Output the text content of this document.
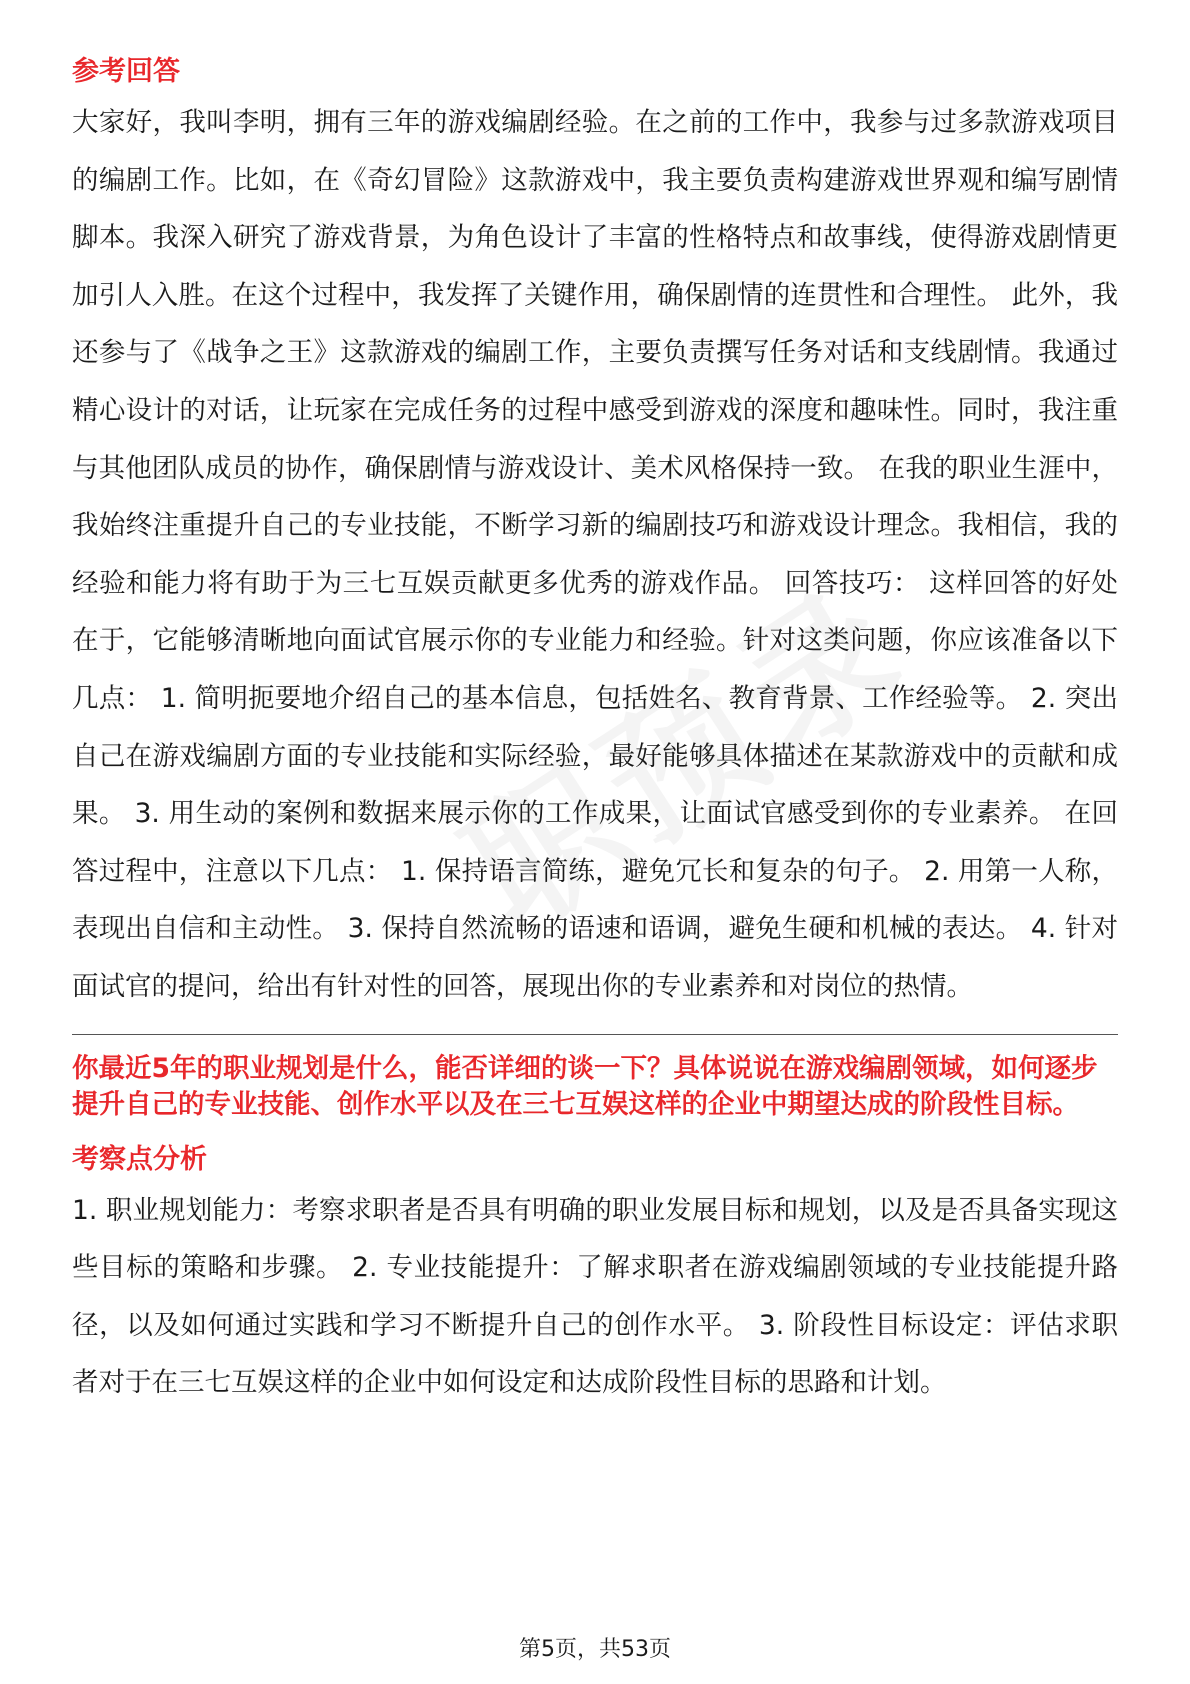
参考回答

大家好，我叫李明，拥有三年的游戏编剧经验。在之前的工作中，我参与过多款游戏项目的编剧工作。比如，在《奇幻冒险》这款游戏中，我主要负责构建游戏世界观和编写剧情脚本。我深入研究了游戏背景，为角色设计了丰富的性格特点和故事线，使得游戏剧情更加引人入胜。在这个过程中，我发挥了关键作用，确保剧情的连贯性和合理性。 此外，我还参与了《战争之王》这款游戏的编剧工作，主要负责撰写任务对话和支线剧情。我通过精心设计的对话，让玩家在完成任务的过程中感受到游戏的深度和趣味性。同时，我注重与其他团队成员的协作，确保剧情与游戏设计、美术风格保持一致。 在我的职业生涯中，我始终注重提升自己的专业技能，不断学习新的编剧技巧和游戏设计理念。我相信，我的经验和能力将有助于为三七互娱贡献更多优秀的游戏作品。 回答技巧： 这样回答的好处在于，它能够清晰地向面试官展示你的专业能力和经验。针对这类问题，你应该准备以下几点： 1. 简明扼要地介绍自己的基本信息，包括姓名、教育背景、工作经验等。 2. 突出自己在游戏编剧方面的专业技能和实际经验，最好能够具体描述在某款游戏中的贡献和成果。 3. 用生动的案例和数据来展示你的工作成果，让面试官感受到你的专业素养。 在回答过程中，注意以下几点： 1. 保持语言简练，避免冗长和复杂的句子。 2. 用第一人称，表现出自信和主动性。 3. 保持自然流畅的语速和语调，避免生硬和机械的表达。 4. 针对面试官的提问，给出有针对性的回答，展现出你的专业素养和对岗位的热情。

你最近5年的职业规划是什么，能否详细的谈一下？具体说说在游戏编剧领域，如何逐步提升自己的专业技能、创作水平以及在三七互娱这样的企业中期望达成的阶段性目标。

考察点分析

1. 职业规划能力：考察求职者是否具有明确的职业发展目标和规划，以及是否具备实现这些目标的策略和步骤。 2. 专业技能提升：了解求职者在游戏编剧领域的专业技能提升路径，以及如何通过实践和学习不断提升自己的创作水平。 3. 阶段性目标设定：评估求职者对于在三七互娱这样的企业中如何设定和达成阶段性目标的思路和计划。

第5页，共53页
